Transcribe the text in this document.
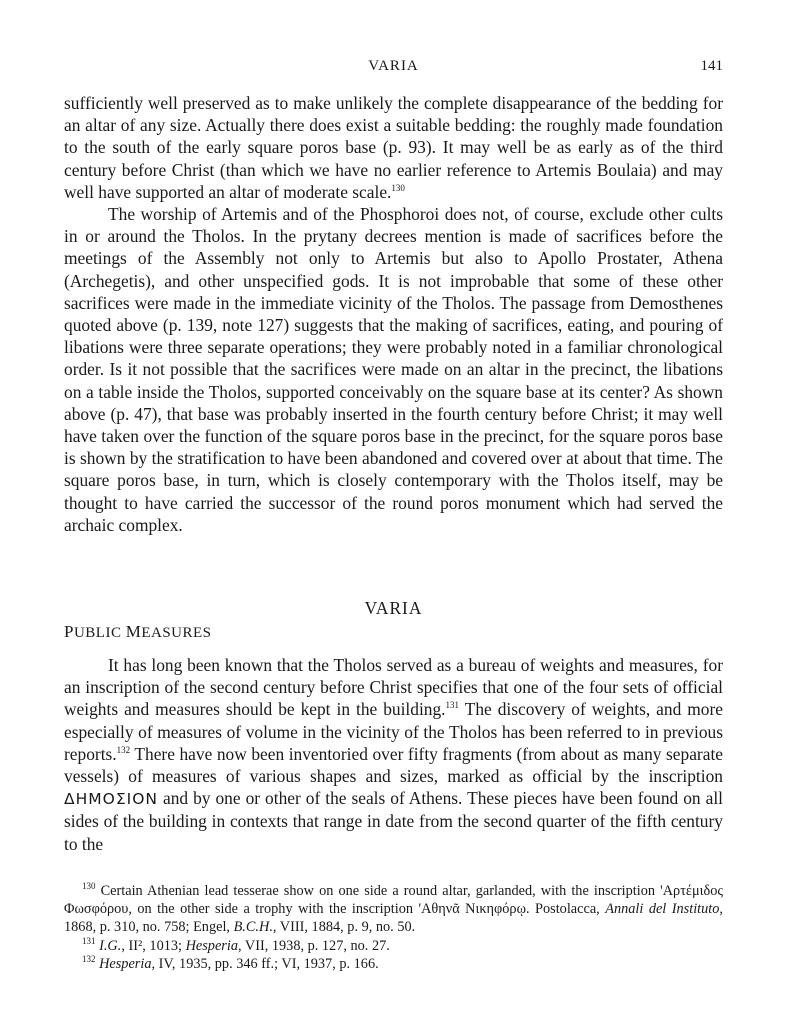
VARIA	141

sufficiently well preserved as to make unlikely the complete disappearance of the bedding for an altar of any size. Actually there does exist a suitable bedding: the roughly made foundation to the south of the early square poros base (p. 93). It may well be as early as of the third century before Christ (than which we have no earlier reference to Artemis Boulaia) and may well have supported an altar of moderate scale.$^{130}$

The worship of Artemis and of the Phosphoroi does not, of course, exclude other cults in or around the Tholos. In the prytany decrees mention is made of sacrifices before the meetings of the Assembly not only to Artemis but also to Apollo Prostater, Athena (Archegetis), and other unspecified gods. It is not improbable that some of these other sacrifices were made in the immediate vicinity of the Tholos. The passage from Demosthenes quoted above (p. 139, note 127) suggests that the making of sacrifices, eating, and pouring of libations were three separate operations; they were probably noted in a familiar chronological order. Is it not possible that the sacrifices were made on an altar in the precinct, the libations on a table inside the Tholos, supported conceivably on the square base at its center? As shown above (p. 47), that base was probably inserted in the fourth century before Christ; it may well have taken over the function of the square poros base in the precinct, for the square poros base is shown by the stratification to have been abandoned and covered over at about that time. The square poros base, in turn, which is closely contemporary with the Tholos itself, may be thought to have carried the successor of the round poros monument which had served the archaic complex.

VARIA
PUBLIC MEASURES

It has long been known that the Tholos served as a bureau of weights and measures, for an inscription of the second century before Christ specifies that one of the four sets of official weights and measures should be kept in the building.$^{131}$ The discovery of weights, and more especially of measures of volume in the vicinity of the Tholos has been referred to in previous reports.$^{132}$ There have now been inventoried over fifty fragments (from about as many separate vessels) of measures of various shapes and sizes, marked as official by the inscription ΔΗΜΟΣΙΟΝ and by one or other of the seals of Athens. These pieces have been found on all sides of the building in contexts that range in date from the second quarter of the fifth century to the

$^{130}$ Certain Athenian lead tesserae show on one side a round altar, garlanded, with the inscription 'Αρτέμιδος Φωσφόρου, on the other side a trophy with the inscription 'Αθηνᾶ Νικηφόρῳ. Postolacca, Annali del Instituto, 1868, p. 310, no. 758; Engel, B.C.H., VIII, 1884, p. 9, no. 50.

$^{131}$ I.G., II², 1013; Hesperia, VII, 1938, p. 127, no. 27.

$^{132}$ Hesperia, IV, 1935, pp. 346 ff.; VI, 1937, p. 166.
